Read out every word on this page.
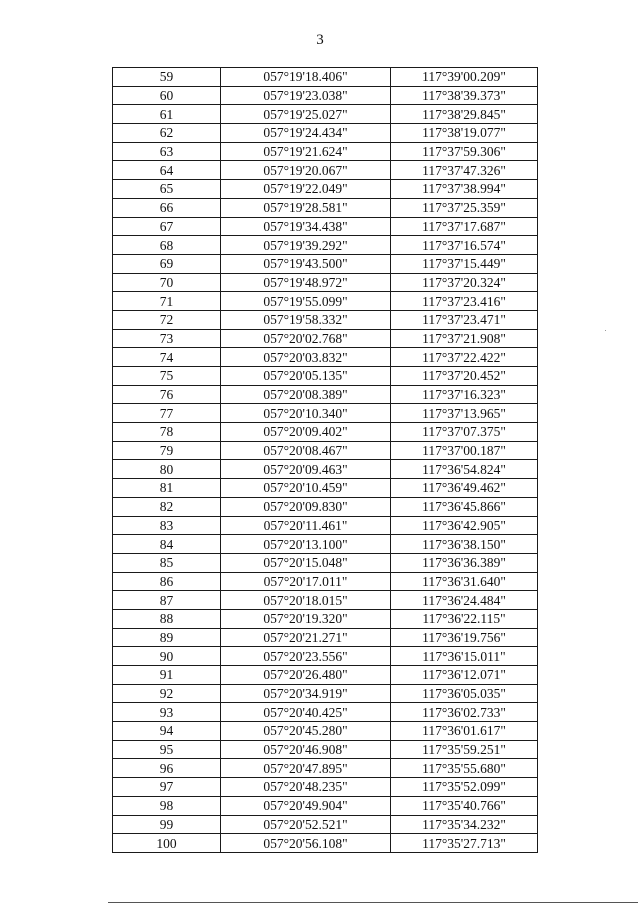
3
59	057°19'18.406"	117°39'00.209"
60	057°19'23.038"	117°38'39.373"
61	057°19'25.027"	117°38'29.845"
62	057°19'24.434"	117°38'19.077"
63	057°19'21.624"	117°37'59.306"
64	057°19'20.067"	117°37'47.326"
65	057°19'22.049"	117°37'38.994"
66	057°19'28.581"	117°37'25.359"
67	057°19'34.438"	117°37'17.687"
68	057°19'39.292"	117°37'16.574"
69	057°19'43.500"	117°37'15.449"
70	057°19'48.972"	117°37'20.324"
71	057°19'55.099"	117°37'23.416"
72	057°19'58.332"	117°37'23.471"
73	057°20'02.768"	117°37'21.908"
74	057°20'03.832"	117°37'22.422"
75	057°20'05.135"	117°37'20.452"
76	057°20'08.389"	117°37'16.323"
77	057°20'10.340"	117°37'13.965"
78	057°20'09.402"	117°37'07.375"
79	057°20'08.467"	117°37'00.187"
80	057°20'09.463"	117°36'54.824"
81	057°20'10.459"	117°36'49.462"
82	057°20'09.830"	117°36'45.866"
83	057°20'11.461"	117°36'42.905"
84	057°20'13.100"	117°36'38.150"
85	057°20'15.048"	117°36'36.389"
86	057°20'17.011"	117°36'31.640"
87	057°20'18.015"	117°36'24.484"
88	057°20'19.320"	117°36'22.115"
89	057°20'21.271"	117°36'19.756"
90	057°20'23.556"	117°36'15.011"
91	057°20'26.480"	117°36'12.071"
92	057°20'34.919"	117°36'05.035"
93	057°20'40.425"	117°36'02.733"
94	057°20'45.280"	117°36'01.617"
95	057°20'46.908"	117°35'59.251"
96	057°20'47.895"	117°35'55.680"
97	057°20'48.235"	117°35'52.099"
98	057°20'49.904"	117°35'40.766"
99	057°20'52.521"	117°35'34.232"
100	057°20'56.108"	117°35'27.713"
